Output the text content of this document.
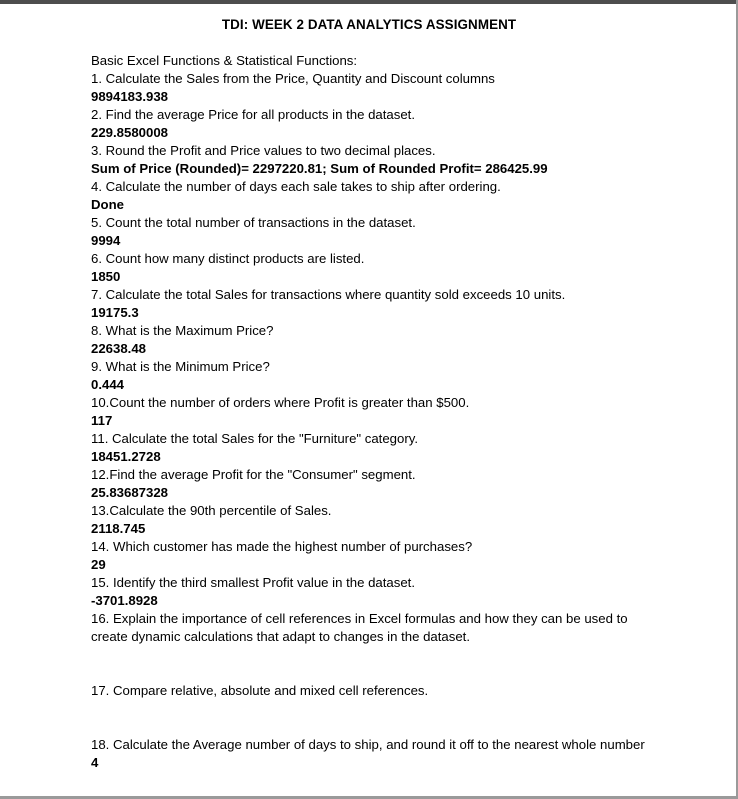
TDI: WEEK 2 DATA ANALYTICS ASSIGNMENT
Basic Excel Functions & Statistical Functions:
1. Calculate the Sales from the Price, Quantity and Discount columns
9894183.938
2. Find the average Price for all products in the dataset.
229.8580008
3. Round the Profit and Price values to two decimal places.
Sum of Price (Rounded)= 2297220.81; Sum of Rounded Profit= 286425.99
4. Calculate the number of days each sale takes to ship after ordering.
Done
5. Count the total number of transactions in the dataset.
9994
6. Count how many distinct products are listed.
1850
7. Calculate the total Sales for transactions where quantity sold exceeds 10 units.
19175.3
8. What is the Maximum Price?
22638.48
9. What is the Minimum Price?
0.444
10.Count the number of orders where Profit is greater than $500.
117
11. Calculate the total Sales for the "Furniture" category.
18451.2728
12.Find the average Profit for the "Consumer" segment.
25.83687328
13.Calculate the 90th percentile of Sales.
2118.745
14. Which customer has made the highest number of purchases?
29
15. Identify the third smallest Profit value in the dataset.
-3701.8928
16. Explain the importance of cell references in Excel formulas and how they can be used to create dynamic calculations that adapt to changes in the dataset.
17. Compare relative, absolute and mixed cell references.
18. Calculate the Average number of days to ship, and round it off to the nearest whole number
4
